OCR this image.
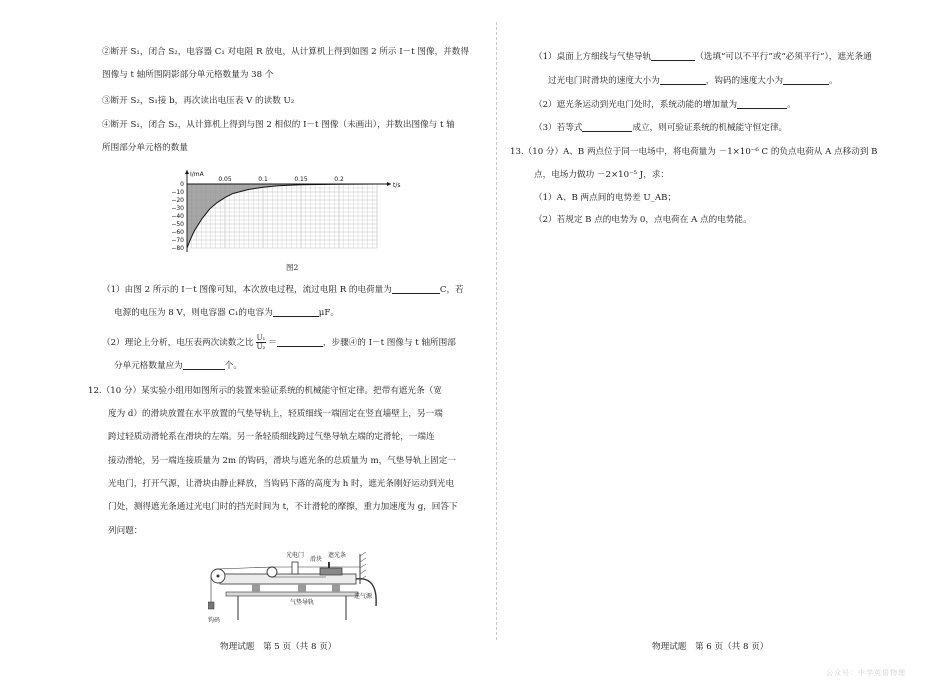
②断开 S₁，闭合 S₂，电容器 C₁ 对电阻 R 放电，从计算机上得到如图 2 所示 I－t 图像，并数得
图像与 t 轴所围阴影部分单元格数量为 38 个
③断开 S₂，S₁接 b，再次读出电压表 V 的读数 U₂
④断开 S₁，闭合 S₂，从计算机上得到与图 2 相似的 I－t 图像（未画出），并数出图像与 t 轴
所围部分单元格的数量
I/mA
t/s
0.05	0.1	0.15	0.2
0
−10
−20
−30
−40
−50
−60
−70
−80
图2
（1）由图 2 所示的 I－t 图像可知，本次放电过程，流过电阻 R 的电荷量为	C，若
电源的电压为 8 V，则电容器 C₁的电容为	μF。
（2）理论上分析，电压表两次读数之比 $\frac{\text{U₁}}{\text{U₂}}$ ＝	，步骤④的 I－t 图像与 t 轴所围部
分单元格数量应为	个。
12.（10 分）某实验小组用如图所示的装置来验证系统的机械能守恒定律。把带有遮光条（宽
度为 d）的滑块放置在水平放置的气垫导轨上，轻质细线一端固定在竖直墙壁上，另一端
跨过轻质动滑轮系在滑块的左端。另一条轻质细线跨过气垫导轨左端的定滑轮，一端连
接动滑轮，另一端连接质量为 2m 的钩码，滑块与遮光条的总质量为 m，气垫导轨上固定一
光电门，打开气源，让滑块由静止释放，当钩码下落的高度为 h 时，遮光条刚好运动到光电
门处，测得遮光条通过光电门时的挡光时间为 t，不计滑轮的摩擦，重力加速度为 g，回答下
列问题：
光电门
滑块
遮光条
气垫导轨
连气源
钩码
物理试题　第 5 页（共 8 页）
（1）桌面上方细线与气垫导轨	（选填“可以不平行”或“必须平行”），遮光条通
过光电门时滑块的速度大小为	，钩码的速度大小为	。
（2）遮光条运动到光电门处时，系统动能的增加量为	。
（3）若等式	成立，则可验证系统的机械能守恒定律。
13.（10 分）A、B 两点位于同一电场中，将电荷量为 －1×10⁻⁶ C 的负点电荷从 A 点移动到 B
点，电场力做功 －2×10⁻⁵ J，求：
（1）A、B 两点间的电势差 U_AB；
（2）若规定 B 点的电势为 0，点电荷在 A 点的电势能。
物理试题　第 6 页（共 8 页）
公众号：中学英语物理
